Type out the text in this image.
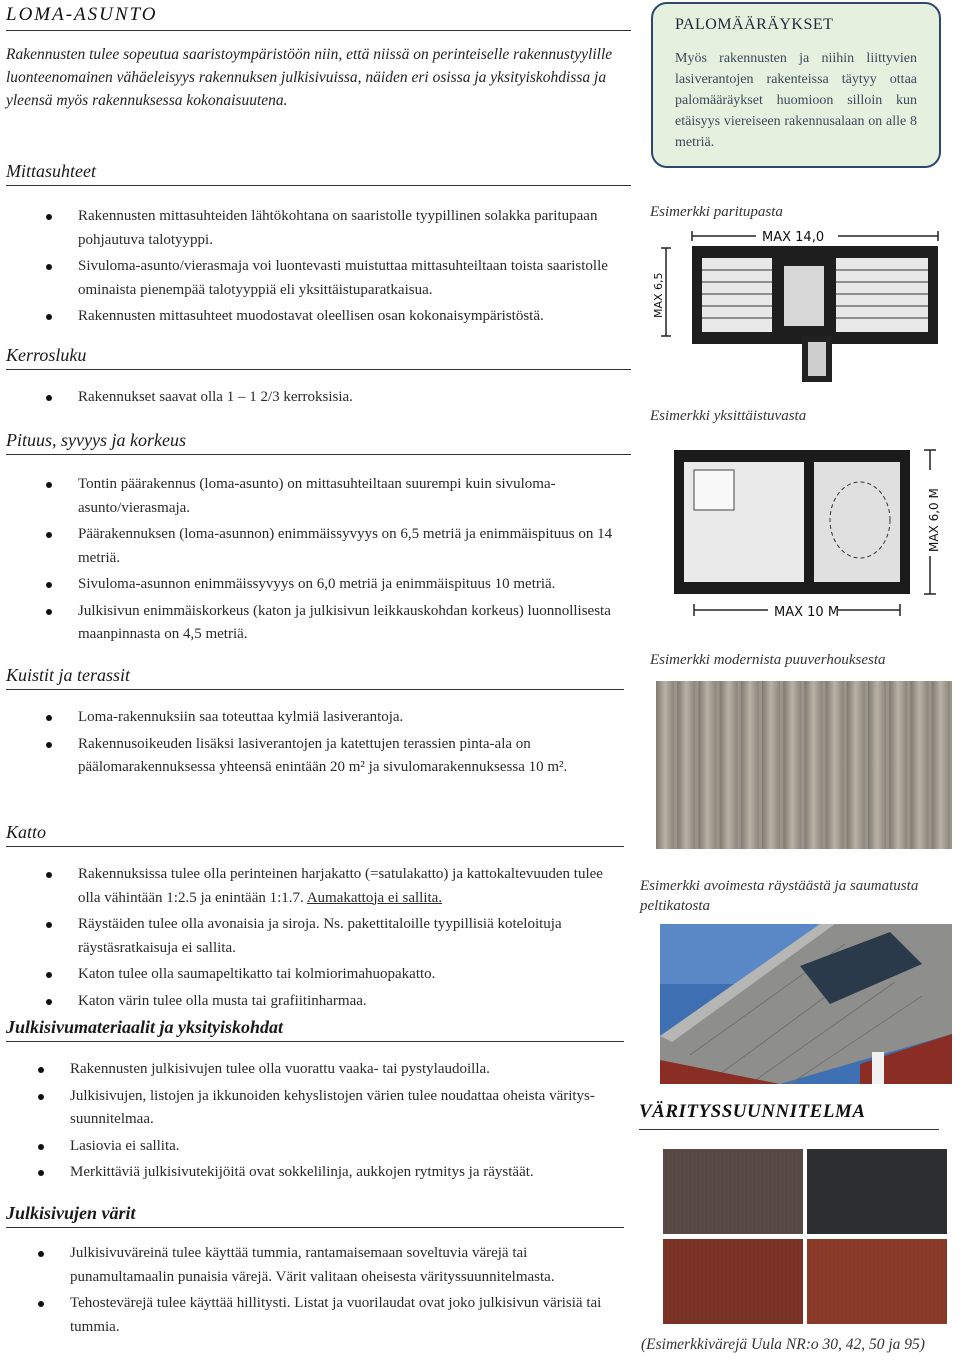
LOMA-ASUNTO
Rakennusten tulee sopeutua saaristoympäristöön niin, että niissä on perinteiselle rakennustyylille luonteenomainen vähäeleisyys rakennuksen julkisivuissa, näiden eri osissa ja yksityiskohdissa ja yleensä myös rakennuksessa kokonaisuutena.
PALOMÄÄRÄYKSET
Myös rakennusten ja niihin liittyvien lasiverantojen rakenteissa täytyy ottaa palomääräykset huomioon silloin kun etäisyys viereiseen rakennusalaan on alle 8 metriä.
Mittasuhteet
Rakennusten mittasuhteiden lähtökohtana on saaristolle tyypillinen solakka paritupaan pohjautuva talotyyppi.
Sivuloma-asunto/vierasmaja voi luontevasti muistuttaa mittasuhteiltaan toista saaristolle ominaista pienempää talotyyppiä eli yksittäistuparatkaisua.
Rakennusten mittasuhteet muodostavat oleellisen osan kokonaisympäristöstä.
Kerrosluku
Rakennukset saavat olla 1 – 1 2/3 kerroksisia.
Pituus, syvyys ja korkeus
Tontin päärakennus (loma-asunto) on mittasuhteiltaan suurempi kuin sivuloma-asunto/vierasmaja.
Päärakennuksen (loma-asunnon) enimmäissyvyys on 6,5 metriä ja enimmäispituus on 14 metriä.
Sivuloma-asunnon enimmäissyvyys on 6,0 metriä ja enimmäispituus 10 metriä.
Julkisivun enimmäiskorkeus (katon ja julkisivun leikkauskohdan korkeus) luonnollisesta maanpinnasta on 4,5 metriä.
Kuistit ja terassit
Loma-rakennuksiin saa toteuttaa kylmiä lasiverantoja.
Rakennusoikeuden lisäksi lasiverantojen ja katettujen terassien pinta-ala on päälomarakennuksessa yhteensä enintään 20 m² ja sivulomarakennuksessa 10 m².
Katto
Rakennuksissa tulee olla perinteinen harjakatto (=satulakatto) ja kattokaltevuuden tulee olla vähintään 1:2.5 ja enintään 1:1.7. Aumakattoja ei sallita.
Räystäiden tulee olla avonaisia ja siroja. Ns. pakettitaloille tyypillisiä koteloituja räystäsratkaisuja ei sallita.
Katon tulee olla saumapeltikatto tai kolmiorimahuopakatto.
Katon värin tulee olla musta tai grafiitinharmaa.
Julkisivumateriaalit ja yksityiskohdat
Rakennusten julkisivujen tulee olla vuorattu vaaka- tai pystylaudoilla.
Julkisivujen, listojen ja ikkunoiden kehyslistojen värien tulee noudattaa oheista värityssuunnitelmaa.
Lasiovia ei sallita.
Merkittäviä julkisivutekijöitä ovat sokkelilinja, aukkojen rytmitys ja räystäät.
Julkisivujen värit
Julkisivuväreinä tulee käyttää tummia, rantamaisemaan soveltuvia värejä tai punamultamaalin punaisia värejä. Värit valitaan oheisesta värityssuunnitelmasta.
Tehostevärejä tulee käyttää hillitysti. Listat ja vuorilaudat ovat joko julkisivun värisiä tai tummia.
Esimerkki paritupasta
MAX 14,0
MAX 6,5
Esimerkki yksittäistuvasta
MAX 10 M
MAX 6,0 M
Esimerkki modernista puuverhouksesta
Esimerkki avoimesta räystäästä ja saumatusta peltikatosta
VÄRITYSSUUNNITELMA
(Esimerkkivärejä Uula NR:o 30, 42, 50 ja 95)
